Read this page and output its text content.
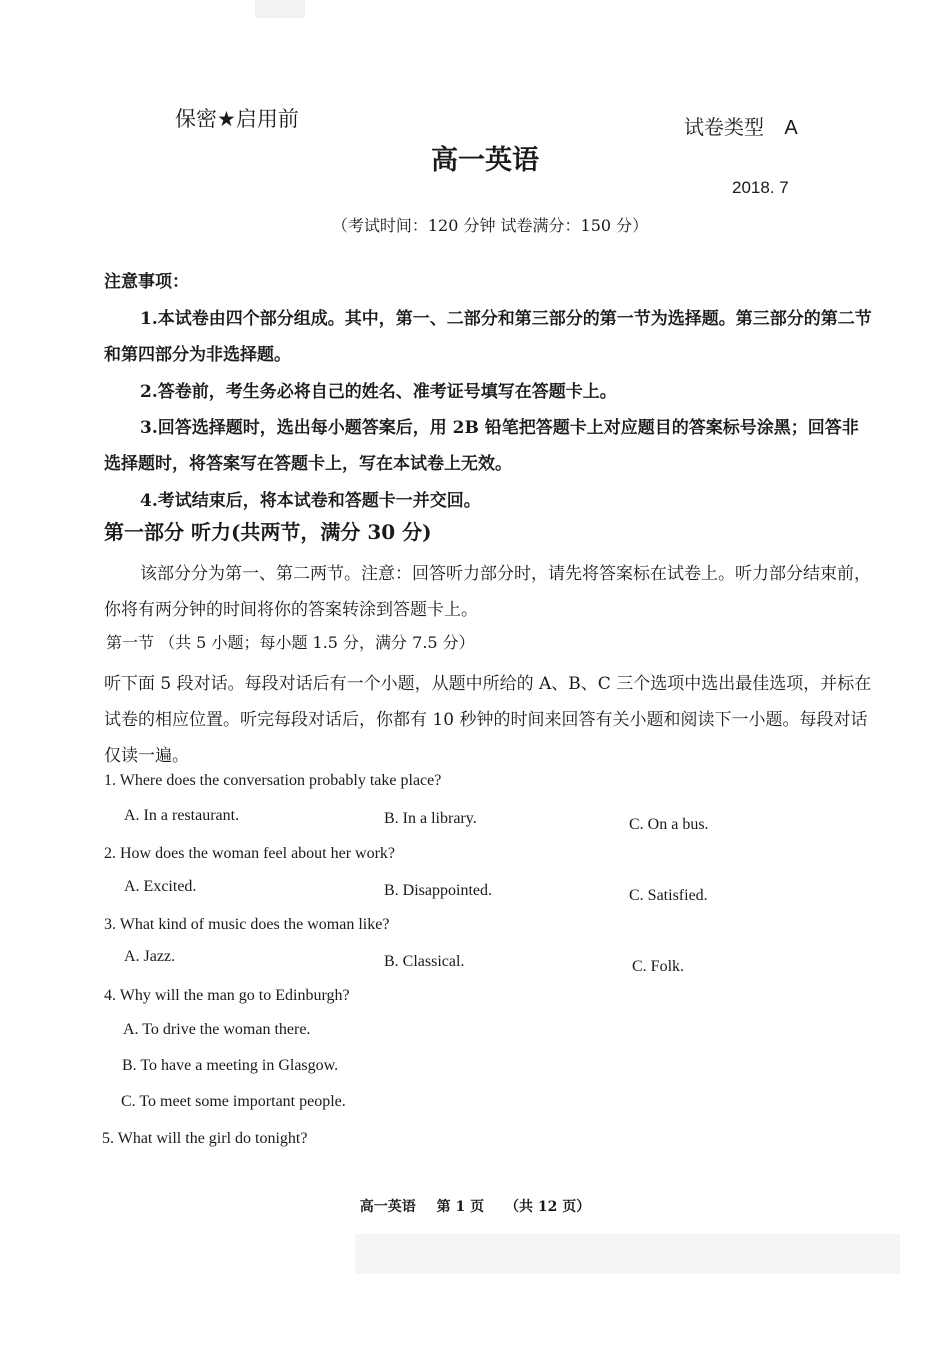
保密★启用前	试卷类型 A
高一英语
2018. 7
（考试时间：120 分钟 试卷满分：150 分）
注意事项：
1.本试卷由四个部分组成。其中，第一、二部分和第三部分的第一节为选择题。第三部分的第二节和第四部分为非选择题。
2.答卷前，考生务必将自己的姓名、准考证号填写在答题卡上。
3.回答选择题时，选出每小题答案后，用 2B 铅笔把答题卡上对应题目的答案标号涂黑；回答非选择题时，将答案写在答题卡上，写在本试卷上无效。
4.考试结束后，将本试卷和答题卡一并交回。
第一部分 听力(共两节，满分 30 分)
该部分分为第一、第二两节。注意：回答听力部分时，请先将答案标在试卷上。听力部分结束前，你将有两分钟的时间将你的答案转涂到答题卡上。
第一节 （共 5 小题；每小题 1.5 分，满分 7.5 分）
听下面 5 段对话。每段对话后有一个小题，从题中所给的 A、B、C 三个选项中选出最佳选项，并标在试卷的相应位置。听完每段对话后，你都有 10 秒钟的时间来回答有关小题和阅读下一小题。每段对话仅读一遍。
1. Where does the conversation probably take place?
A. In a restaurant.	B. In a library.	C. On a bus.
2. How does the woman feel about her work?
A. Excited.	B. Disappointed.	C. Satisfied.
3. What kind of music does the woman like?
A. Jazz.	B. Classical.	C. Folk.
4. Why will the man go to Edinburgh?
A. To drive the woman there.
B. To have a meeting in Glasgow.
C. To meet some important people.
5. What will the girl do tonight?
高一英语 第 1 页 （共 12 页）
